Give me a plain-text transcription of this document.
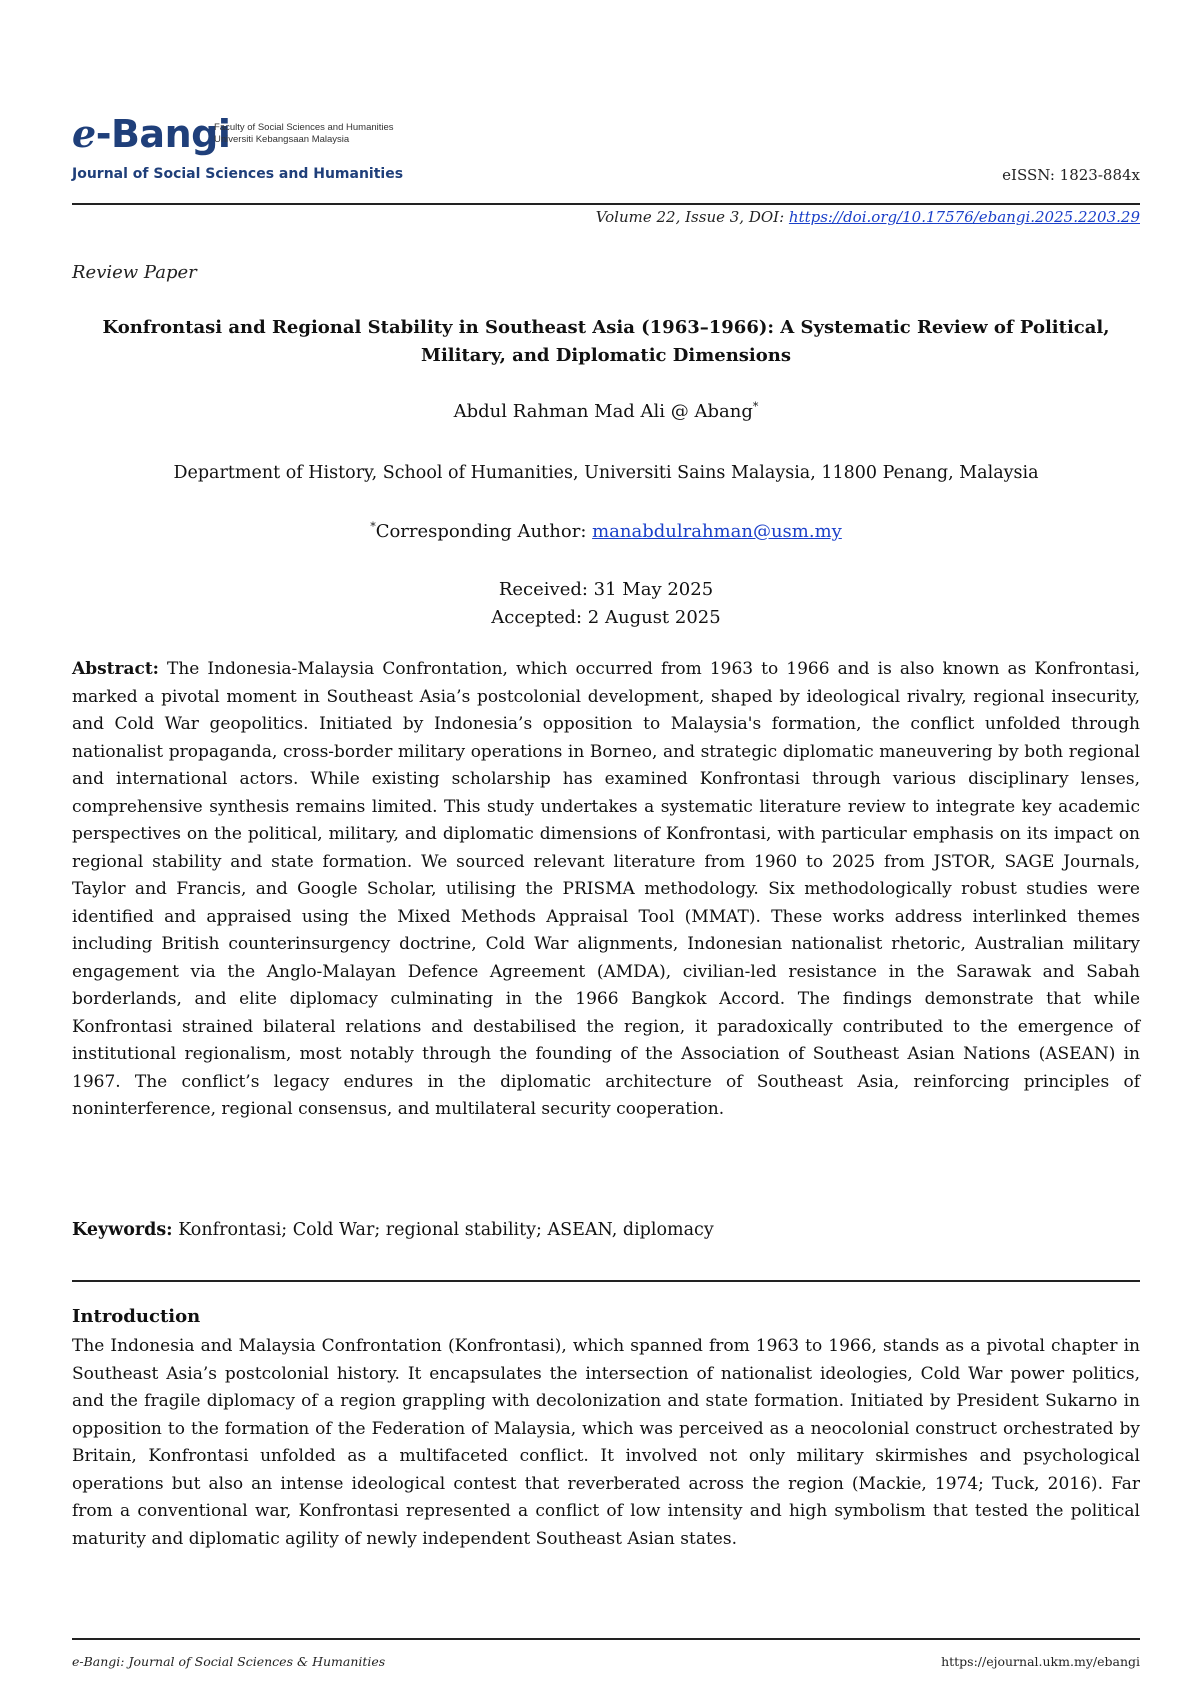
e-Bangi
Faculty of Social Sciences and Humanities
Universiti Kebangsaan Malaysia
Journal of Social Sciences and Humanities	eISSN: 1823-884x
Volume 22, Issue 3, DOI: https://doi.org/10.17576/ebangi.2025.2203.29
Review Paper
Konfrontasi and Regional Stability in Southeast Asia (1963–1966): A Systematic Review of Political,
Military, and Diplomatic Dimensions
Abdul Rahman Mad Ali @ Abang*
Department of History, School of Humanities, Universiti Sains Malaysia, 11800 Penang, Malaysia
*Corresponding Author: manabdulrahman@usm.my
Received: 31 May 2025
Accepted: 2 August 2025
Abstract: The Indonesia-Malaysia Confrontation, which occurred from 1963 to 1966 and is also known as Konfrontasi, marked a pivotal moment in Southeast Asia’s postcolonial development, shaped by ideological rivalry, regional insecurity, and Cold War geopolitics. Initiated by Indonesia’s opposition to Malaysia's formation, the conflict unfolded through nationalist propaganda, cross-border military operations in Borneo, and strategic diplomatic maneuvering by both regional and international actors. While existing scholarship has examined Konfrontasi through various disciplinary lenses, comprehensive synthesis remains limited. This study undertakes a systematic literature review to integrate key academic perspectives on the political, military, and diplomatic dimensions of Konfrontasi, with particular emphasis on its impact on regional stability and state formation. We sourced relevant literature from 1960 to 2025 from JSTOR, SAGE Journals, Taylor and Francis, and Google Scholar, utilising the PRISMA methodology. Six methodologically robust studies were identified and appraised using the Mixed Methods Appraisal Tool (MMAT). These works address interlinked themes including British counterinsurgency doctrine, Cold War alignments, Indonesian nationalist rhetoric, Australian military engagement via the Anglo-Malayan Defence Agreement (AMDA), civilian-led resistance in the Sarawak and Sabah borderlands, and elite diplomacy culminating in the 1966 Bangkok Accord. The findings demonstrate that while Konfrontasi strained bilateral relations and destabilised the region, it paradoxically contributed to the emergence of institutional regionalism, most notably through the founding of the Association of Southeast Asian Nations (ASEAN) in 1967. The conflict’s legacy endures in the diplomatic architecture of Southeast Asia, reinforcing principles of noninterference, regional consensus, and multilateral security cooperation.
Keywords: Konfrontasi; Cold War; regional stability; ASEAN, diplomacy
Introduction
The Indonesia and Malaysia Confrontation (Konfrontasi), which spanned from 1963 to 1966, stands as a pivotal chapter in Southeast Asia’s postcolonial history. It encapsulates the intersection of nationalist ideologies, Cold War power politics, and the fragile diplomacy of a region grappling with decolonization and state formation. Initiated by President Sukarno in opposition to the formation of the Federation of Malaysia, which was perceived as a neocolonial construct orchestrated by Britain, Konfrontasi unfolded as a multifaceted conflict. It involved not only military skirmishes and psychological operations but also an intense ideological contest that reverberated across the region (Mackie, 1974; Tuck, 2016). Far from a conventional war, Konfrontasi represented a conflict of low intensity and high symbolism that tested the political maturity and diplomatic agility of newly independent Southeast Asian states.
e-Bangi: Journal of Social Sciences & Humanities	https://ejournal.ukm.my/ebangi
